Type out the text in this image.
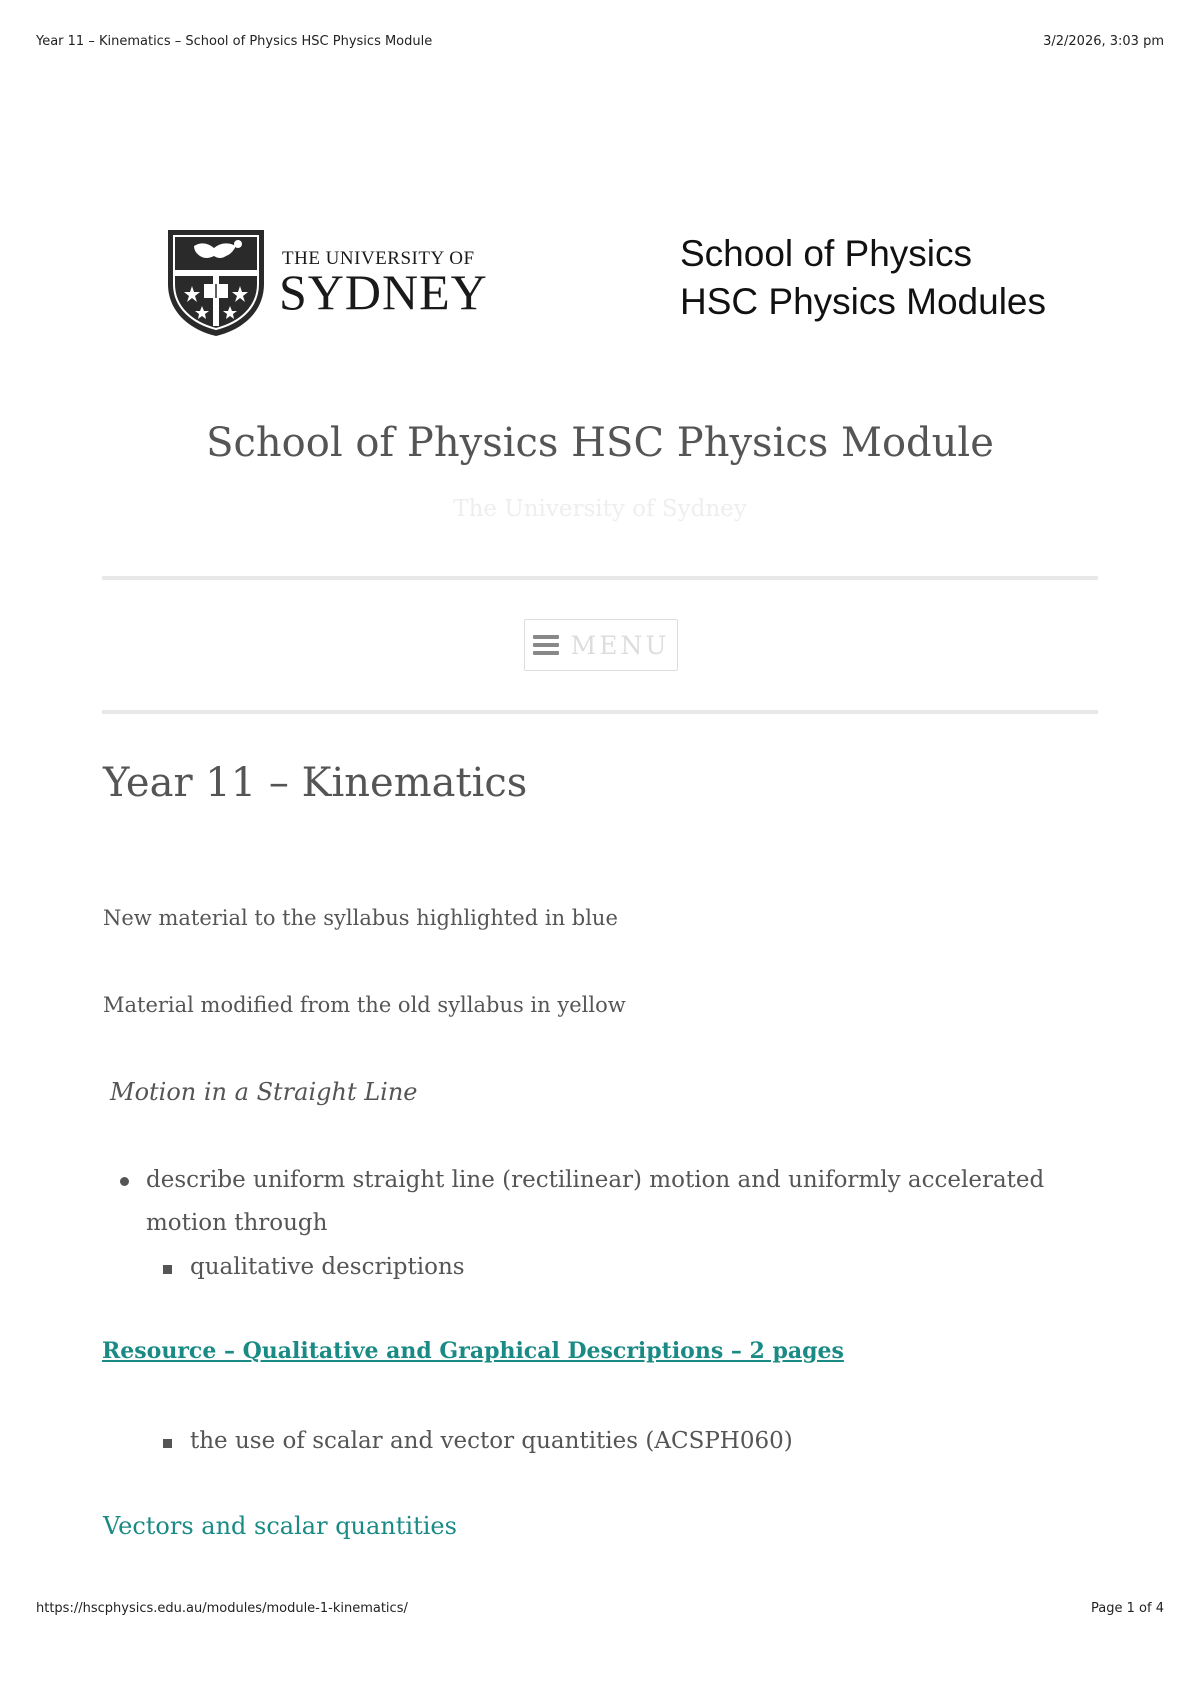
Year 11 – Kinematics – School of Physics HSC Physics Module	3/2/2026, 3:03 pm
THE UNIVERSITY OF
SYDNEY
School of Physics
HSC Physics Modules
School of Physics HSC Physics Module
The University of Sydney
MENU
Year 11 – Kinematics

New material to the syllabus highlighted in blue

Material modified from the old syllabus in yellow

Motion in a Straight Line
describe uniform straight line (rectilinear) motion and uniformly accelerated motion through
qualitative descriptions
Resource – Qualitative and Graphical Descriptions – 2 pages
the use of scalar and vector quantities (ACSPH060)
Vectors and scalar quantities
https://hscphysics.edu.au/modules/module-1-kinematics/	Page 1 of 4
